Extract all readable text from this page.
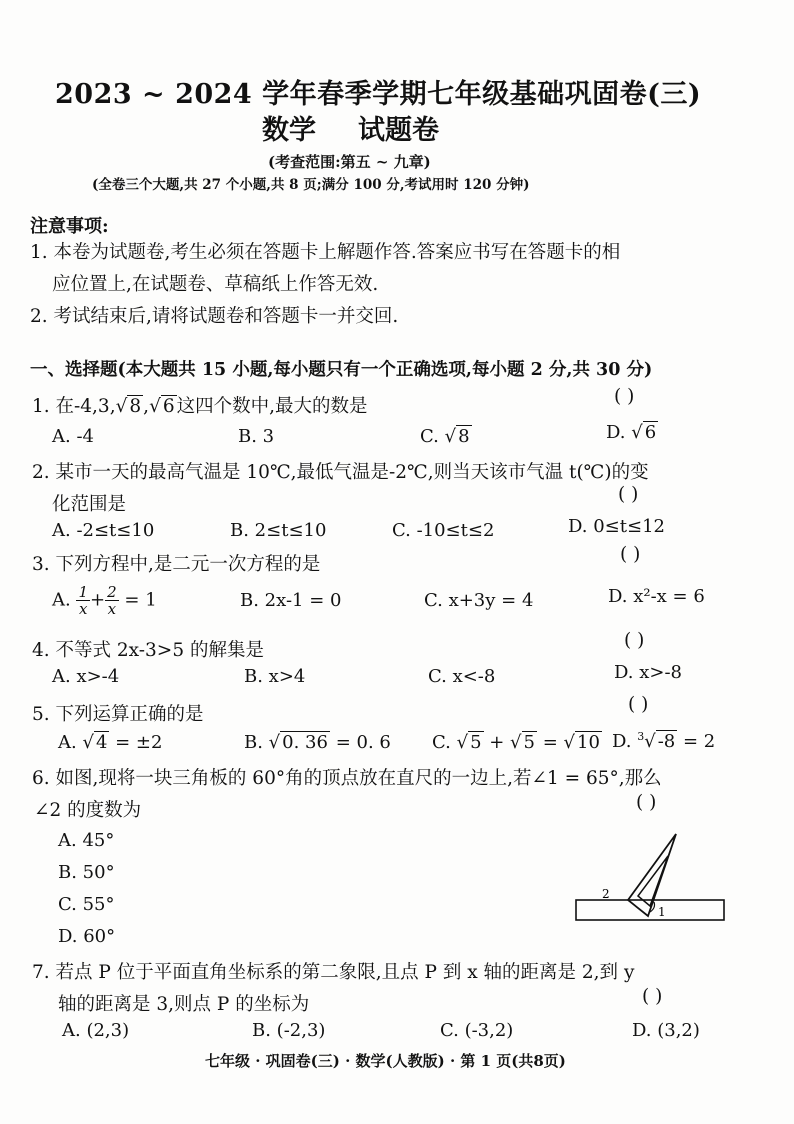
2023 ~ 2024 学年春季学期七年级基础巩固卷(三)
数学 试题卷
(考查范围:第五 ~ 九章)
(全卷三个大题,共 27 个小题,共 8 页;满分 100 分,考试用时 120 分钟)
注意事项:
1. 本卷为试题卷,考生必须在答题卡上解题作答.答案应书写在答题卡的相
应位置上,在试题卷、草稿纸上作答无效.
2. 考试结束后,请将试题卷和答题卡一并交回.
一、选择题(本大题共 15 小题,每小题只有一个正确选项,每小题 2 分,共 30 分)
1. 在-4,3,√ 8 ,√ 6 这四个数中,最大的数是	( )
A. -4	B. 3	C. √ 8	D. √ 6
2. 某市一天的最高气温是 10℃,最低气温是-2℃,则当天该市气温 t(℃)的变
化范围是	( )
A. -2≤t≤10	B. 2≤t≤10	C. -10≤t≤2	D. 0≤t≤12
3. 下列方程中,是二元一次方程的是	( )
A. $\frac{1}{x} + \frac{2}{x} = 1$	B. 2x-1 = 0	C. x+3y = 4	D. x²-x = 6
4. 不等式 2x-3>5 的解集是	( )
A. x>-4	B. x>4	C. x<-8	D. x>-8
5. 下列运算正确的是	( )
A. √ 4 = ±2	B. √ 0. 36 = 0. 6 C. √ 5 + √ 5 = √ 10 D. $^3$√ -8 = 2
6. 如图,现将一块三角板的 60°角的顶点放在直尺的一边上,若∠1 = 65°,那么
∠2 的度数为	( )
A. 45°
B. 50°
C. 55°
D. 60°
1
2
7. 若点 P 位于平面直角坐标系的第二象限,且点 P 到 x 轴的距离是 2,到 y
轴的距离是 3,则点 P 的坐标为	( )
A. (2,3)	B. (-2,3)	C. (-3,2)	D. (3,2)
七年级 · 巩固卷(三) · 数学(人教版) · 第 1 页(共8页)
